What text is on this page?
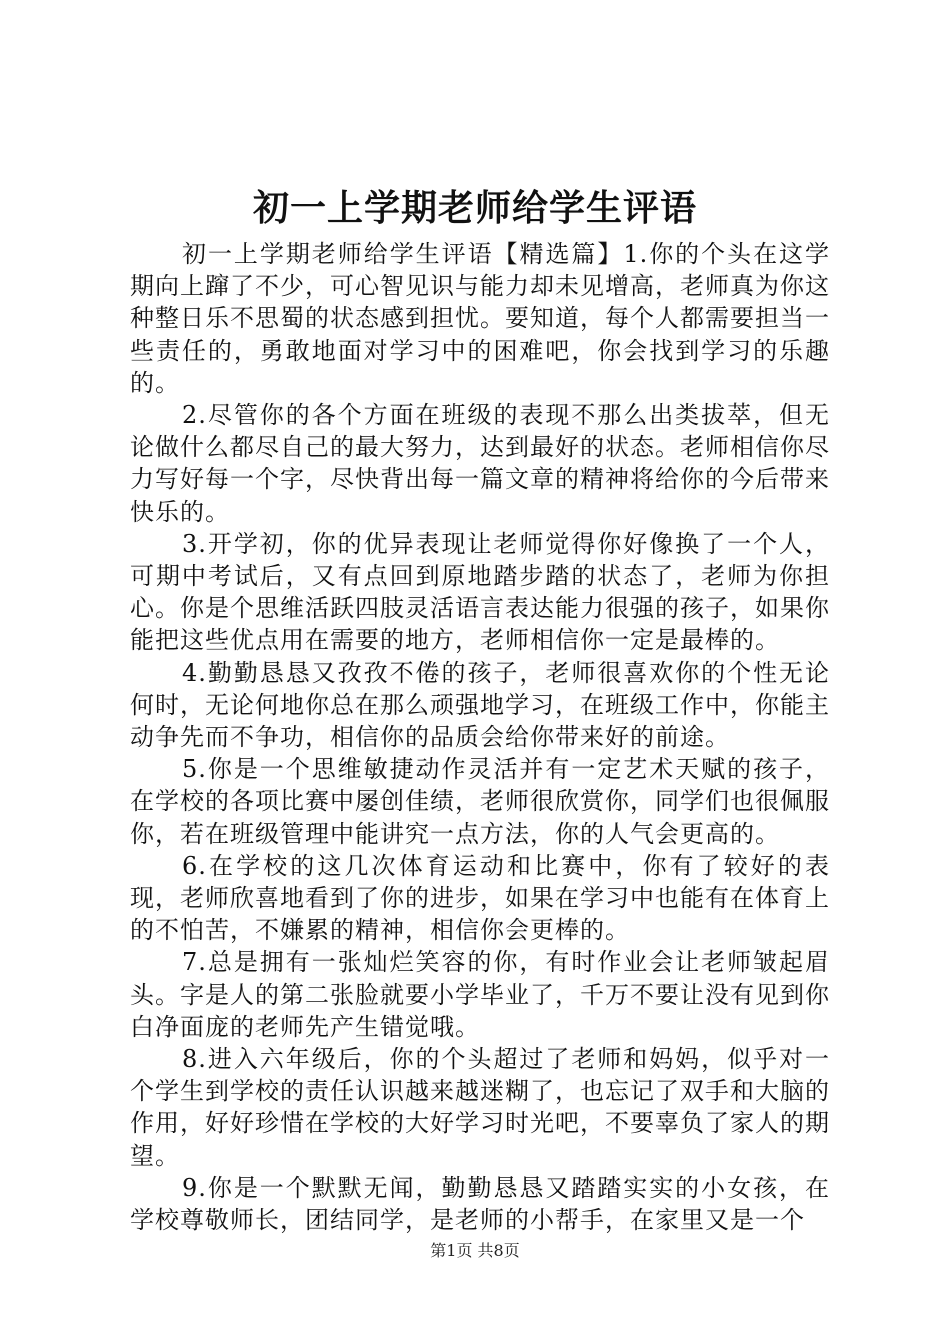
初一上学期老师给学生评语

初一上学期老师给学生评语【精选篇】1.你的个头在这学期向上蹿了不少，可心智见识与能力却未见增高，老师真为你这种整日乐不思蜀的状态感到担忧。要知道，每个人都需要担当一些责任的，勇敢地面对学习中的困难吧，你会找到学习的乐趣的。

2.尽管你的各个方面在班级的表现不那么出类拔萃，但无论做什么都尽自己的最大努力，达到最好的状态。老师相信你尽力写好每一个字，尽快背出每一篇文章的精神将给你的今后带来快乐的。

3.开学初，你的优异表现让老师觉得你好像换了一个人，可期中考试后，又有点回到原地踏步踏的状态了，老师为你担心。你是个思维活跃四肢灵活语言表达能力很强的孩子，如果你能把这些优点用在需要的地方，老师相信你一定是最棒的。

4.勤勤恳恳又孜孜不倦的孩子，老师很喜欢你的个性无论何时，无论何地你总在那么顽强地学习，在班级工作中，你能主动争先而不争功，相信你的品质会给你带来好的前途。

5.你是一个思维敏捷动作灵活并有一定艺术天赋的孩子，在学校的各项比赛中屡创佳绩，老师很欣赏你，同学们也很佩服你，若在班级管理中能讲究一点方法，你的人气会更高的。

6.在学校的这几次体育运动和比赛中，你有了较好的表现，老师欣喜地看到了你的进步，如果在学习中也能有在体育上的不怕苦，不嫌累的精神，相信你会更棒的。

7.总是拥有一张灿烂笑容的你，有时作业会让老师皱起眉头。字是人的第二张脸就要小学毕业了，千万不要让没有见到你白净面庞的老师先产生错觉哦。

8.进入六年级后，你的个头超过了老师和妈妈，似乎对一个学生到学校的责任认识越来越迷糊了，也忘记了双手和大脑的作用，好好珍惜在学校的大好学习时光吧，不要辜负了家人的期望。

9.你是一个默默无闻，勤勤恳恳又踏踏实实的小女孩，在学校尊敬师长，团结同学，是老师的小帮手，在家里又是一个

第1页 共8页
